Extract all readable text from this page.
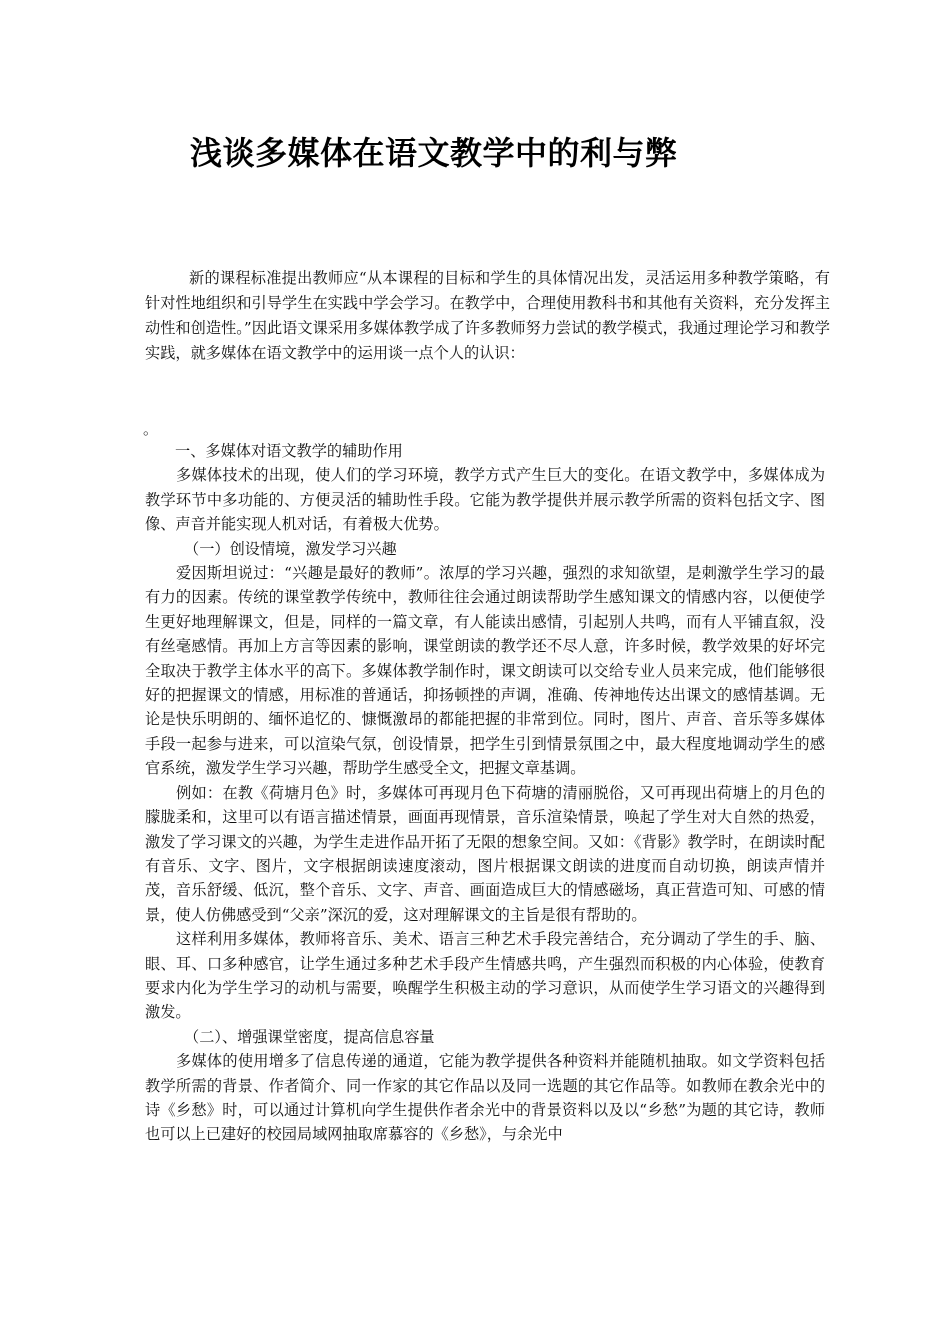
浅谈多媒体在语文教学中的利与弊

新的课程标准提出教师应“从本课程的目标和学生的具体情况出发，灵活运用多种教学策略，有针对性地组织和引导学生在实践中学会学习。在教学中，合理使用教科书和其他有关资料，充分发挥主动性和创造性。”因此语文课采用多媒体教学成了许多教师努力尝试的教学模式，我通过理论学习和教学实践，就多媒体在语文教学中的运用谈一点个人的认识：

。

一、多媒体对语文教学的辅助作用

多媒体技术的出现，使人们的学习环境，教学方式产生巨大的变化。在语文教学中，多媒体成为教学环节中多功能的、方便灵活的辅助性手段。它能为教学提供并展示教学所需的资料包括文字、图像、声音并能实现人机对话，有着极大优势。

（一）创设情境，激发学习兴趣

爱因斯坦说过：“兴趣是最好的教师”。浓厚的学习兴趣，强烈的求知欲望，是刺激学生学习的最有力的因素。传统的课堂教学传统中，教师往往会通过朗读帮助学生感知课文的情感内容，以便使学生更好地理解课文，但是，同样的一篇文章，有人能读出感情，引起别人共鸣，而有人平铺直叙，没有丝毫感情。再加上方言等因素的影响，课堂朗读的教学还不尽人意，许多时候，教学效果的好坏完全取决于教学主体水平的高下。多媒体教学制作时，课文朗读可以交给专业人员来完成，他们能够很好的把握课文的情感，用标准的普通话，抑扬顿挫的声调，准确、传神地传达出课文的感情基调。无论是快乐明朗的、缅怀追忆的、慷慨激昂的都能把握的非常到位。同时，图片、声音、音乐等多媒体手段一起参与进来，可以渲染气氛，创设情景，把学生引到情景氛围之中，最大程度地调动学生的感官系统，激发学生学习兴趣，帮助学生感受全文，把握文章基调。

例如：在教《荷塘月色》时，多媒体可再现月色下荷塘的清丽脱俗，又可再现出荷塘上的月色的朦胧柔和，这里可以有语言描述情景，画面再现情景，音乐渲染情景，唤起了学生对大自然的热爱，激发了学习课文的兴趣，为学生走进作品开拓了无限的想象空间。又如：《背影》教学时，在朗读时配有音乐、文字、图片，文字根据朗读速度滚动，图片根据课文朗读的进度而自动切换，朗读声情并茂，音乐舒缓、低沉，整个音乐、文字、声音、画面造成巨大的情感磁场，真正营造可知、可感的情景，使人仿佛感受到“父亲”深沉的爱，这对理解课文的主旨是很有帮助的。

这样利用多媒体，教师将音乐、美术、语言三种艺术手段完善结合，充分调动了学生的手、脑、眼、耳、口多种感官，让学生通过多种艺术手段产生情感共鸣，产生强烈而积极的内心体验，使教育要求内化为学生学习的动机与需要，唤醒学生积极主动的学习意识，从而使学生学习语文的兴趣得到激发。

（二）、增强课堂密度，提高信息容量

多媒体的使用增多了信息传递的通道，它能为教学提供各种资料并能随机抽取。如文学资料包括教学所需的背景、作者简介、同一作家的其它作品以及同一选题的其它作品等。如教师在教余光中的诗《乡愁》时，可以通过计算机向学生提供作者余光中的背景资料以及以“乡愁”为题的其它诗，教师也可以上已建好的校园局域网抽取席慕容的《乡愁》，与余光中
